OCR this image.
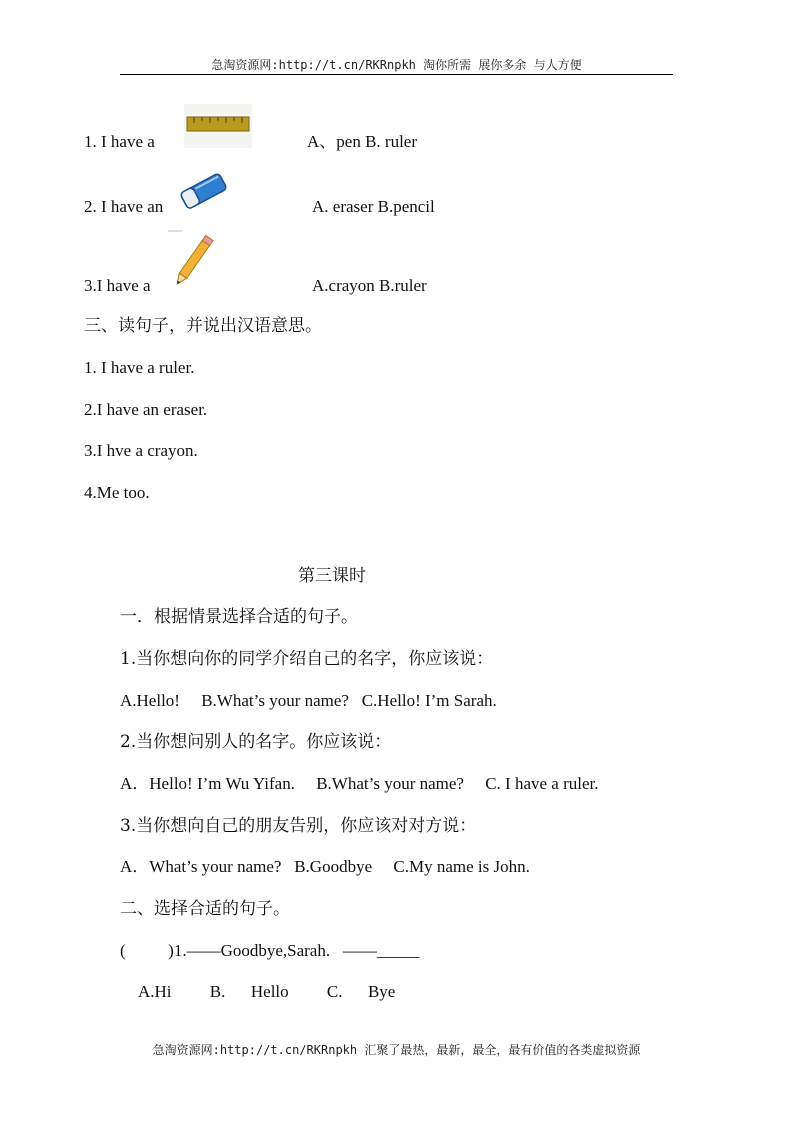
急淘资源网:http://t.cn/RKRnpkh 淘你所需 展你多余 与人方便
1. I have a	A、pen B. ruler
2. I have an	A. eraser B.pencil
3.I have a	A.crayon B.ruler
三、读句子，并说出汉语意思。
1. I have a ruler.
2.I have an eraser.
3.I hve a crayon.
4.Me too.
第三课时
一．根据情景选择合适的句子。
1.当你想向你的同学介绍自己的名字，你应该说：
A.Hello!     B.What’s your name?   C.Hello! I’m Sarah.
2.当你想问别人的名字。你应该说：
A．Hello! I’m Wu Yifan.     B.What’s your name?     C. I have a ruler.
3.当你想向自己的朋友告别，你应该对对方说：
A．What’s your name?   B.Goodbye     C.My name is John.
二、选择合适的句子。
(          )1.——Goodbye,Sarah.   ——_____
A.Hi         B.      Hello         C.      Bye
急淘资源网:http://t.cn/RKRnpkh 汇聚了最热，最新，最全，最有价值的各类虚拟资源
